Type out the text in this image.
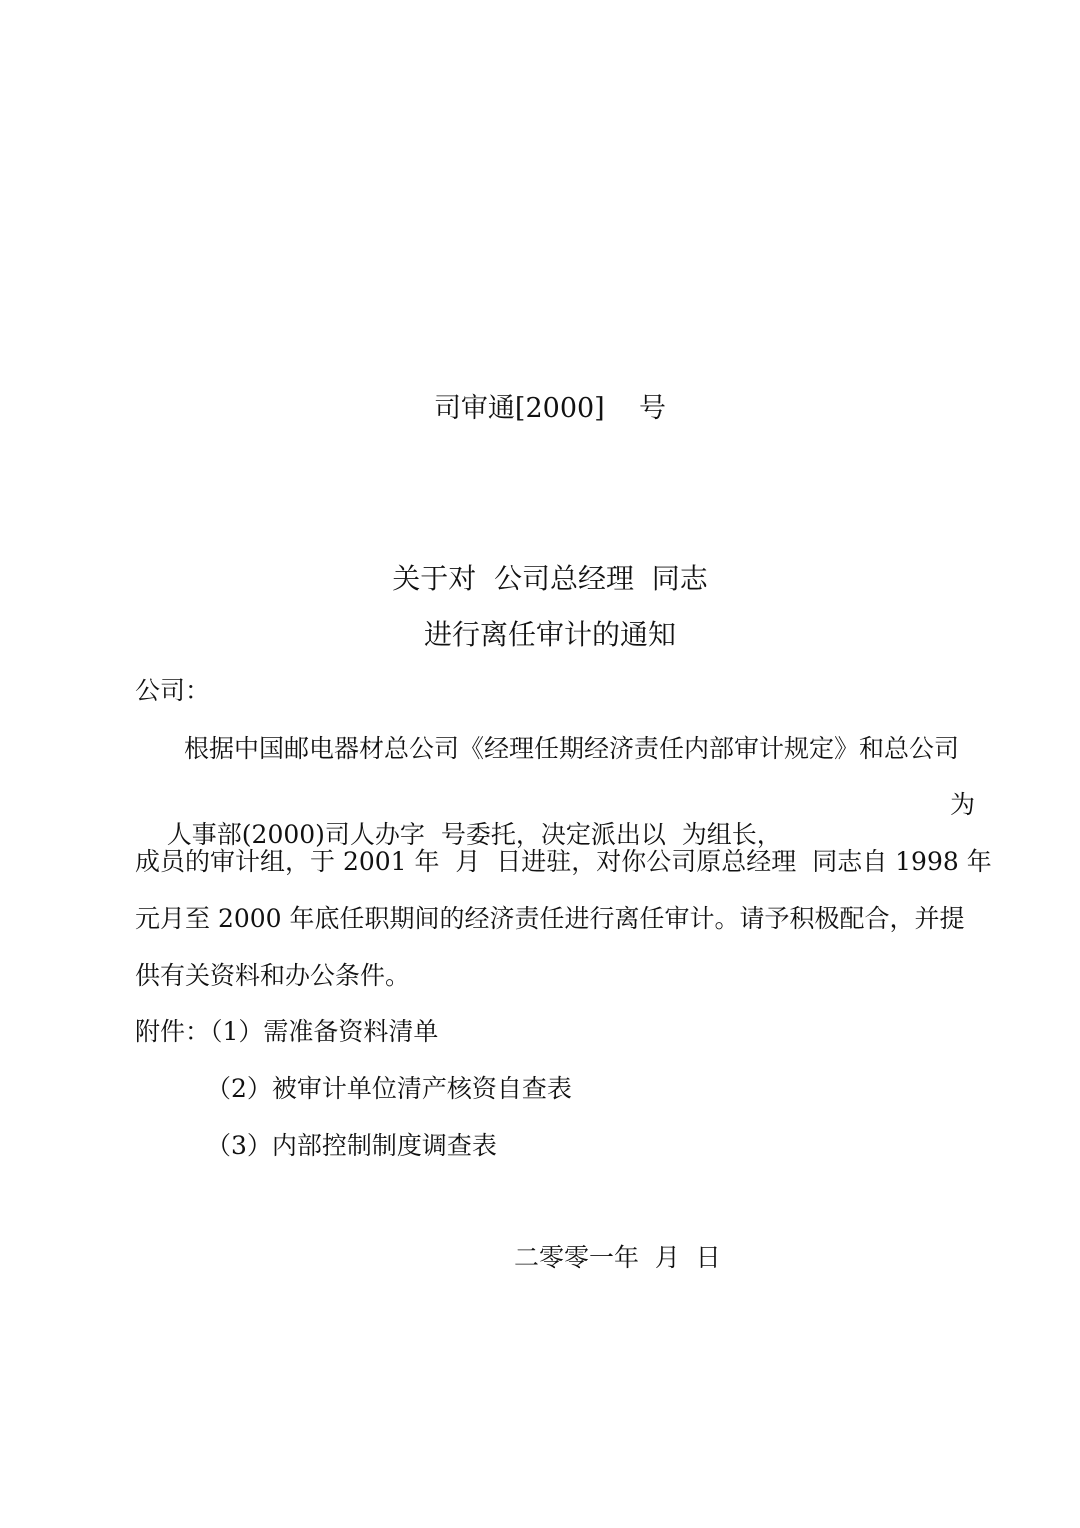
司审通[2000]    号
关于对  公司总经理  同志
进行离任审计的通知
公司：
根据中国邮电器材总公司《经理任期经济责任内部审计规定》和总公司

人事部(2000)司人办字  号委托，决定派出以  为组长，

为

成员的审计组，于 2001 年  月  日进驻，对你公司原总经理  同志自 1998 年
元月至 2000 年底任职期间的经济责任进行离任审计。请予积极配合，并提
供有关资料和办公条件。
附件：（1）需准备资料清单
（2）被审计单位清产核资自查表
（3）内部控制制度调查表
二零零一年  月  日
